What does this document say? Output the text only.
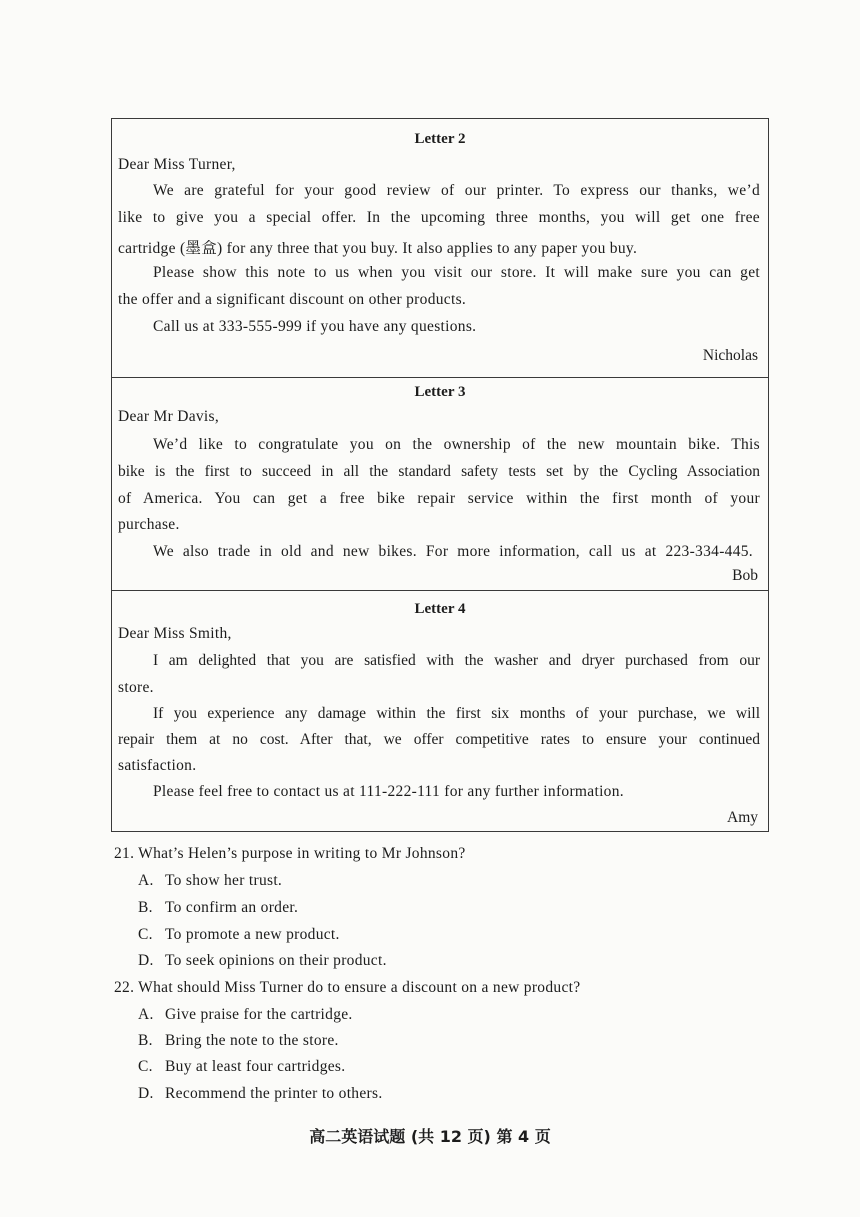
Letter 2
Dear Miss Turner,
We are grateful for your good review of our printer. To express our thanks, we’d
like to give you a special offer. In the upcoming three months, you will get one free
cartridge (墨盒) for any three that you buy. It also applies to any paper you buy.
Please show this note to us when you visit our store. It will make sure you can get
the offer and a significant discount on other products.
Call us at 333-555-999 if you have any questions.
Nicholas
Letter 3
Dear Mr Davis,
We’d like to congratulate you on the ownership of the new mountain bike. This
bike is the first to succeed in all the standard safety tests set by the Cycling Association
of America. You can get a free bike repair service within the first month of your
purchase.
We also trade in old and new bikes. For more information, call us at 223-334-445.
Bob
Letter 4
Dear Miss Smith,
I am delighted that you are satisfied with the washer and dryer purchased from our
store.
If you experience any damage within the first six months of your purchase, we will
repair them at no cost. After that, we offer competitive rates to ensure your continued
satisfaction.
Please feel free to contact us at 111-222-111 for any further information.
Amy
21. What’s Helen’s purpose in writing to Mr Johnson?
A. To show her trust.
B. To confirm an order.
C. To promote a new product.
D. To seek opinions on their product.
22. What should Miss Turner do to ensure a discount on a new product?
A. Give praise for the cartridge.
B. Bring the note to the store.
C. Buy at least four cartridges.
D. Recommend the printer to others.
高二英语试题 (共 12 页) 第 4 页
